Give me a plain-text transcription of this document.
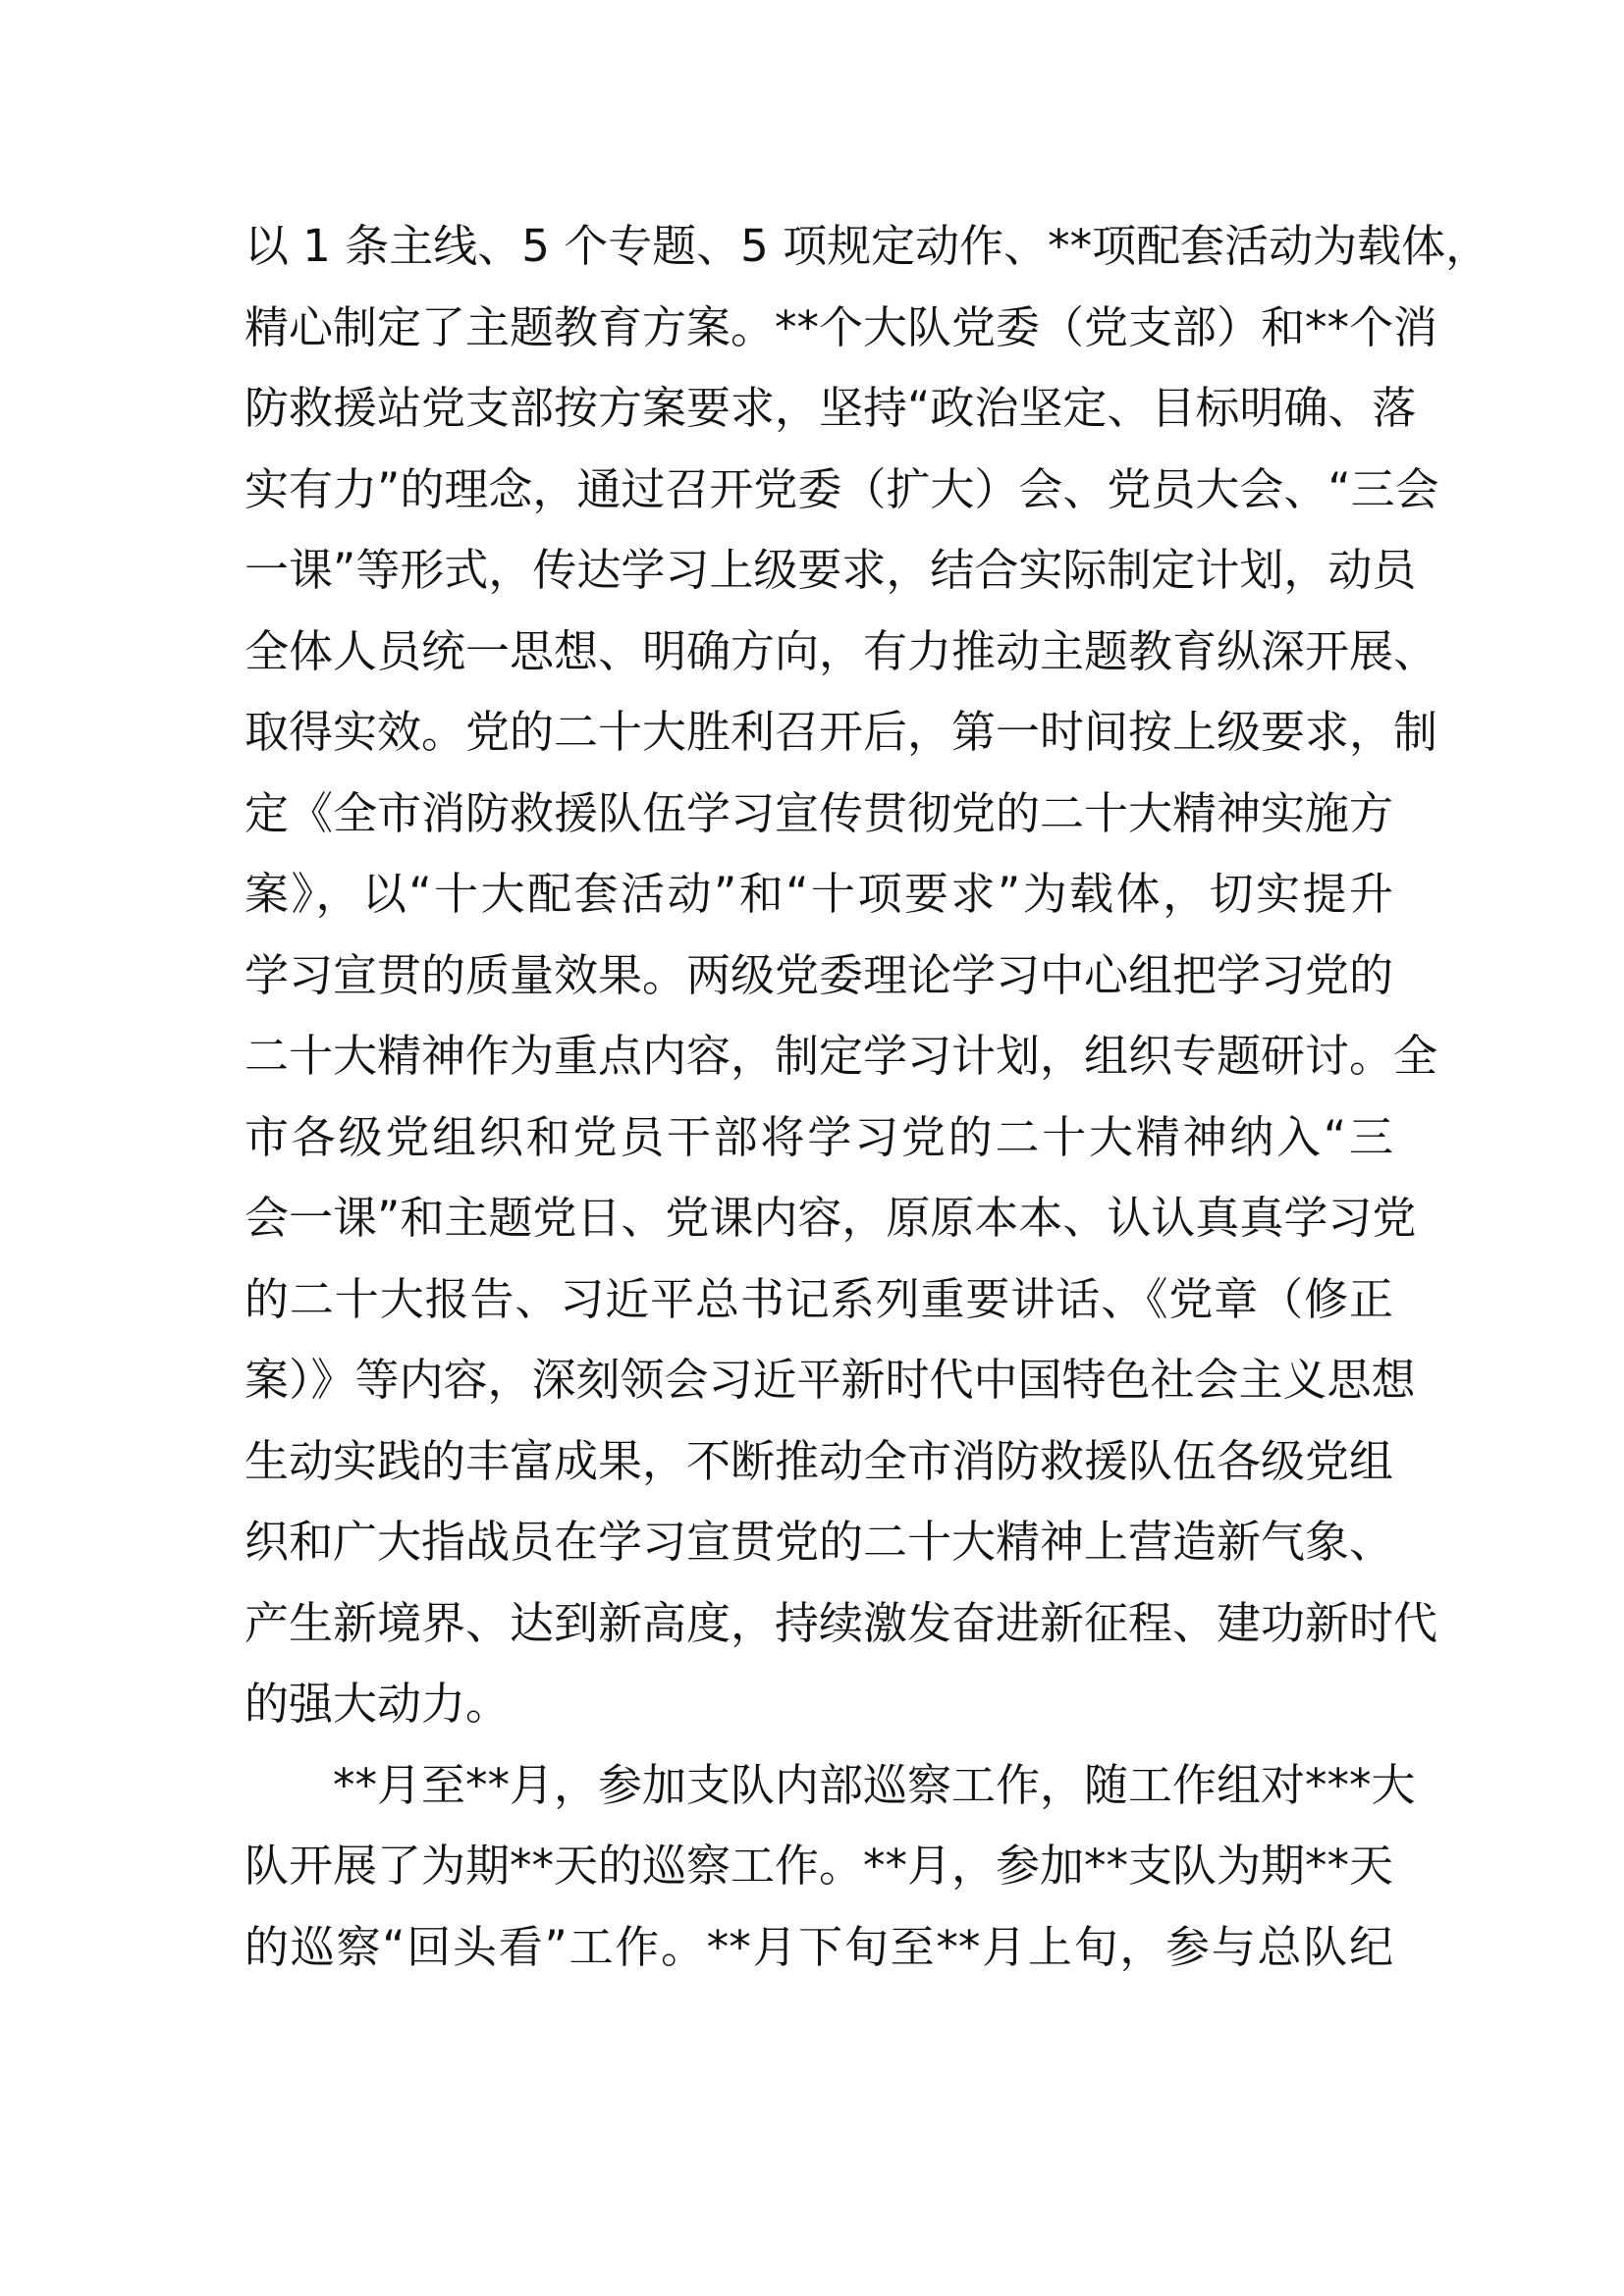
以 1 条主线、5 个专题、5 项规定动作、**项配套活动为载体，
精心制定了主题教育方案。**个大队党委（党支部）和**个消
防救援站党支部按方案要求，坚持“政治坚定、目标明确、落
实有力”的理念，通过召开党委（扩大）会、党员大会、“三会
一课”等形式，传达学习上级要求，结合实际制定计划，动员
全体人员统一思想、明确方向，有力推动主题教育纵深开展、
取得实效。党的二十大胜利召开后，第一时间按上级要求，制
定《全市消防救援队伍学习宣传贯彻党的二十大精神实施方
案》，以“十大配套活动”和“十项要求”为载体，切实提升
学习宣贯的质量效果。两级党委理论学习中心组把学习党的
二十大精神作为重点内容，制定学习计划，组织专题研讨。全
市各级党组织和党员干部将学习党的二十大精神纳入“三
会一课”和主题党日、党课内容，原原本本、认认真真学习党
的二十大报告、习近平总书记系列重要讲话、《党章（修正
案）》等内容，深刻领会习近平新时代中国特色社会主义思想
生动实践的丰富成果，不断推动全市消防救援队伍各级党组
织和广大指战员在学习宣贯党的二十大精神上营造新气象、
产生新境界、达到新高度，持续激发奋进新征程、建功新时代
的强大动力。
**月至**月，参加支队内部巡察工作，随工作组对***大
队开展了为期**天的巡察工作。**月，参加**支队为期**天
的巡察“回头看”工作。**月下旬至**月上旬，参与总队纪
